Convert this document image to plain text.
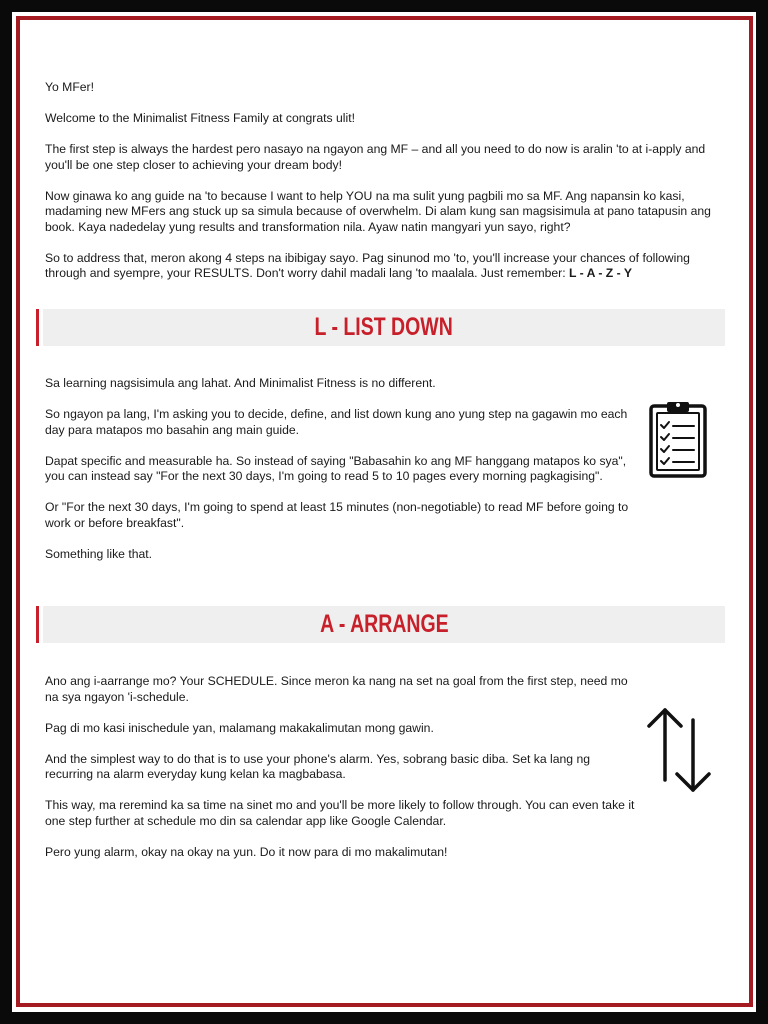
Yo MFer!

Welcome to the Minimalist Fitness Family at congrats ulit!

The first step is always the hardest pero nasayo na ngayon ang MF – and all you need to do now is aralin 'to at i-apply and you'll be one step closer to achieving your dream body!

Now ginawa ko ang guide na 'to because I want to help YOU na ma sulit yung pagbili mo sa MF. Ang napansin ko kasi, madaming new MFers ang stuck up sa simula because of overwhelm. Di alam kung san magsisimula at pano tatapusin ang book. Kaya nadedelay yung results and transformation nila. Ayaw natin mangyari yun sayo, right?

So to address that, meron akong 4 steps na ibibigay sayo. Pag sinunod mo 'to, you'll increase your chances of following through and syempre, your RESULTS. Don't worry dahil madali lang 'to maalala. Just remember: L - A - Z - Y

L - LIST DOWN

Sa learning nagsisimula ang lahat. And Minimalist Fitness is no different.

So ngayon pa lang, I'm asking you to decide, define, and list down kung ano yung step na gagawin mo each day para matapos mo basahin ang main guide.

Dapat specific and measurable ha. So instead of saying "Babasahin ko ang MF hanggang matapos ko sya", you can instead say "For the next 30 days, I'm going to read 5 to 10 pages every morning pagkagising".

Or "For the next 30 days, I'm going to spend at least 15 minutes (non-negotiable) to read MF before going to work or before breakfast".

Something like that.

A - ARRANGE

Ano ang i-aarrange mo? Your SCHEDULE. Since meron ka nang na set na goal from the first step, need mo na sya ngayon 'i-schedule.

Pag di mo kasi inischedule yan, malamang makakalimutan mong gawin.

And the simplest way to do that is to use your phone's alarm. Yes, sobrang basic diba. Set ka lang ng recurring na alarm everyday kung kelan ka magbabasa.

This way, ma reremind ka sa time na sinet mo and you'll be more likely to follow through. You can even take it one step further at schedule mo din sa calendar app like Google Calendar.

Pero yung alarm, okay na okay na yun. Do it now para di mo makalimutan!
